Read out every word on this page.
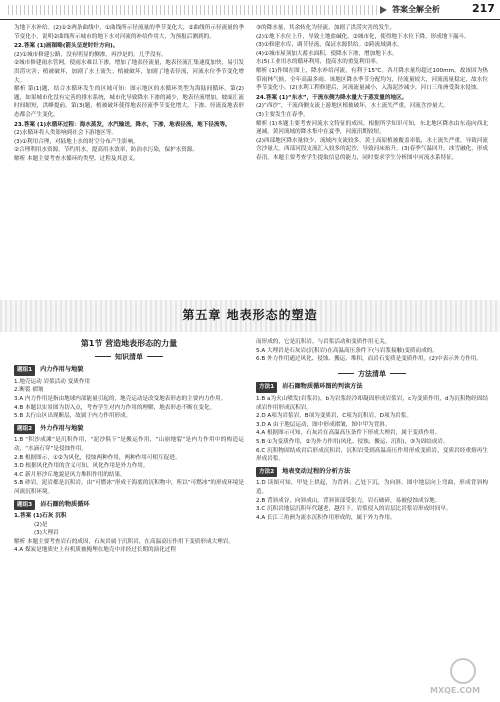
答案全解全析	217

为地下水补给。(2)①②两条曲线中，①曲线所示径流量的季节变化大，②曲线所示径流量的季节变化小，说明②曲线所示城市的地下水对河流的补给作用大，为预报后测到的。

22.答案 (1)画图略(箭头呈逆时针方向)。

(2)①城市修建公路，没有明显的侧渗，再沙是的，几乎没有。

②城市修建雨水管网，使雨水难以下渗，增加了地表径流量，地表径流汇集速度加快，易引发洪涝灾害；植被破坏，加剧了水土流失；植被破坏，加剧了地表径流，河流水位季节变化增大。

解析 第(1)题，结合水循环发生的区域可知：图示地区的水循环类型为海陆间循环。第(2)题，如果城市化没有完善的排水系统，城市化导致降水下渗的减少，地表径流增加，坡面汇流时间缩短，洪峰提前。第(3)题，植被破坏使得地表径流季节变化增大，下渗、径流及地表形态都会产生变化。

23.答案 (1)水循环过程：海水蒸发，水汽输送，降水，下渗，地表径流，地下径流等。

(2)水循环将人类影响到社会下游地区等。

(3)①利用合理，对陆地上水的时空分布产生影响。

②合理利用水资源，节约用水，提高用水效率，防治水污染，保护水资源。

解析 本题主要考查水循环的类型、过程及其意义。

③的降水量，其余转化为径流，加剧了洪涝灾害的发生。

(2)①地下水位上升，导致土地盐碱化。②城市化，使得地下水位下降，形成地下漏斗。

(3)①修建水库，调节径流，保证水源供给。②跨流域调水。

(4)①城市屋顶加大蓄水面积，使降水下渗，增加地下水。

水(5)工业用水的循环利用，提高水的重复利用率。

解析 (1)作图在图上，降水补给河流，有利于15℃。各月降水量均超过100mm，故该国为热带雨林气候，全年高温多雨。该地区降水季节分配均匀，径流量较大，河流流量稳定，故水位季节变化小。(2)水利工程修建后，河流流量减小，入海泥沙减少，河口三角洲受海水侵蚀。

24.答案 (1)“东水”，干流东侧为降水量大于蒸发量的地区。

(2)“西沙”，干流西侧支流上游地区植被破坏，水土流失严重，河流含沙量大。

(3)主要发生在春季。

解析 (1)本题主要考查河流水文特征的成因。根据所学知识可知，东北地区降水由东南向西北递减。黄河流域的降水集中在夏季，河流汛期较短。

(2)西部地区降水量较少，流域内支流较多，黄土高原植被覆盖率低，水土流失严重，导致河流含沙量大。西部河段支流汇入较多的泥沙，导致河床抬升。(3)春季气温回升，冰雪融化，形成春汛。本题主要考查学生提取信息的能力，同时要求学生分析图中河流水系特征。

第五章 地表形态的塑造
第1节 营造地表形态的力量
知识清单
题组1	内力作用与地貌

1.地壳运动 岩浆活动 变质作用

2.断裂 褶皱

3.A 内力作用是指由地球内部能量引起的，地壳运动是改变地表形态的主要内力作用。

4.B 本题以实景图为切入点，考查学生对内力作用的理解，地表形态不断在变化。

5.B 太行山区出现断层，故属于内力作用形成。

题组2	外力作用与地貌

1.B “积沙成滩”是沉积作用，“泥沙俱下”是搬运作用，“山崩地裂”是内力作用中的构造运动，“水滴石穿”是侵蚀作用。

2.B 根据图示，①②为风化，侵蚀两种作用，两种作用可相互促进。

3.D 根据风化作用的含义可知，风化作用是外力作用。

4.C 新月形沙丘地貌是风力堆积作用的结果。

5.B 砂岩，泥岩都是沉积岩，由“可燃冰”形成于海底的沉积物中，所以“可燃冰”的形成环境是河流沉积环境。

题组3	岩石圈的物质循环

1.答案 (1)石灰 沉积

(2)是

(3)大理岩

解析 本题主要考查岩石的成因，石灰岩属于沉积岩，在高温高压作用下变质形成大理岩。

4.A 煤炭是地质史上有机质被掩埋在地壳中并经过长期的演化过程

而形成的，它是沉积岩，与岩浆活动和变质作用无关。

5.A 大理岩是石灰岩(沉积岩)在高温高压条件下(与岩浆接触)变质而成的。

6.B 外力作用通过风化、侵蚀、搬运、堆积，而岩石变质是变质作用。(2)中表示外力作用。

方法清单
方法1	岩石圈物质循环图的判读方法

1.B a为火山喷发(岩浆岩)，b为岩浆经冷却凝固形成岩浆岩，c为变质作用，d为沉积物经固结成岩作用形成沉积岩。

2.D A项为岩浆岩，B项为变质岩，C项为沉积岩，D项为岩浆。

3.D A 由于地层运动，图中形成褶皱，图中甲为背斜。

4.A 根据图示可知，石灰岩在高温高压条件下形成大理岩，属于变质作用。

5.B ①为变质作用，②为外力作用(风化、侵蚀、搬运、沉积)，③为固结成岩。

6.C 沉积物固结成岩后形成沉积岩，沉积岩受到高温高压作用形成变质岩，变质岩经重熔再生形成岩浆。

方法2	地表变动过程的分析方法

1.D 读图可知，甲处上拱起，为背斜；乙处下沉，为向斜。图中地层向上弯曲，形成背斜构造。

2.B 背斜成谷，向斜成山。背斜顶部受张力，岩石破碎，易被侵蚀成谷地。

3.C 沉积岩地层沉积年代越老，越往下。岩浆侵入的岩层比岩浆岩形成时间早。

4.A 长江三角洲为流水沉积作用形成的，属于外力作用。

MXQE.COM
